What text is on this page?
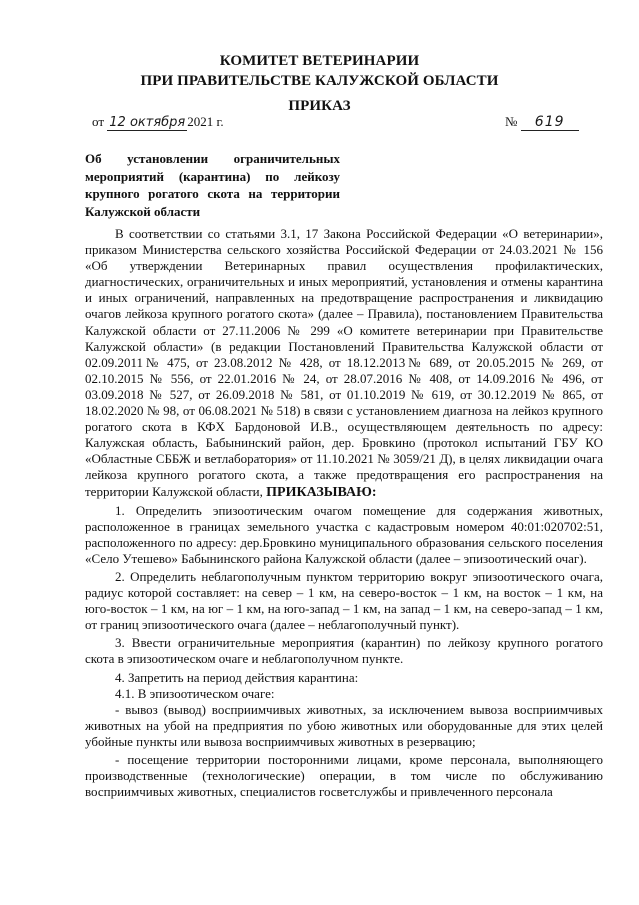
КОМИТЕТ ВЕТЕРИНАРИИ
ПРИ ПРАВИТЕЛЬСТВЕ КАЛУЖСКОЙ ОБЛАСТИ
ПРИКАЗ
от 12 октября 2021 г.	№ 619
Об установлении ограничительных мероприятий (карантина) по лейкозу крупного рогатого скота на территории Калужской области

В соответствии со статьями 3.1, 17 Закона Российской Федерации «О ветеринарии», приказом Министерства сельского хозяйства Российской Федерации от 24.03.2021 № 156 «Об утверждении Ветеринарных правил осуществления профилактических, диагностических, ограничительных и иных мероприятий, установления и отмены карантина и иных ограничений, направленных на предотвращение распространения и ликвидацию очагов лейкоза крупного рогатого скота» (далее – Правила), постановлением Правительства Калужской области от 27.11.2006 № 299 «О комитете ветеринарии при Правительстве Калужской области» (в редакции Постановлений Правительства Калужской области от 02.09.2011№ 475, от 23.08.2012 № 428, от 18.12.2013№ 689, от 20.05.2015 № 269, от 02.10.2015 № 556, от 22.01.2016 № 24, от 28.07.2016 № 408, от 14.09.2016 № 496, от 03.09.2018 № 527, от 26.09.2018 № 581, от 01.10.2019 № 619, от 30.12.2019 № 865, от 18.02.2020 № 98, от 06.08.2021 № 518) в связи с установлением диагноза на лейкоз крупного рогатого скота в КФХ Бардоновой И.В., осуществляющем деятельность по адресу: Калужская область, Бабынинский район, дер. Бровкино (протокол испытаний ГБУ КО «Областные СББЖ и ветлаборатория» от 11.10.2021 № 3059/21 Д), в целях ликвидации очага лейкоза крупного рогатого скота, а также предотвращения его распространения на территории Калужской области, ПРИКАЗЫВАЮ:

1. Определить эпизоотическим очагом помещение для содержания животных, расположенное в границах земельного участка с кадастровым номером 40:01:020702:51, расположенного по адресу: дер.Бровкино муниципального образования сельского поселения «Село Утешево» Бабынинского района Калужской области (далее – эпизоотический очаг).

2. Определить неблагополучным пунктом территорию вокруг эпизоотического очага, радиус которой составляет: на север – 1 км, на северо-восток – 1 км, на восток – 1 км, на юго-восток – 1 км, на юг – 1 км, на юго-запад – 1 км, на запад – 1 км, на северо-запад – 1 км, от границ эпизоотического очага (далее – неблагополучный пункт).

3. Ввести ограничительные мероприятия (карантин) по лейкозу крупного рогатого скота в эпизоотическом очаге и неблагополучном пункте.

4. Запретить на период действия карантина:

4.1. В эпизоотическом очаге:

- вывоз (вывод) восприимчивых животных, за исключением вывоза восприимчивых животных на убой на предприятия по убою животных или оборудованные для этих целей убойные пункты или вывоза восприимчивых животных в резервацию;

- посещение территории посторонними лицами, кроме персонала, выполняющего производственные (технологические) операции, в том числе по обслуживанию восприимчивых животных, специалистов госветслужбы и привлеченного персонала
